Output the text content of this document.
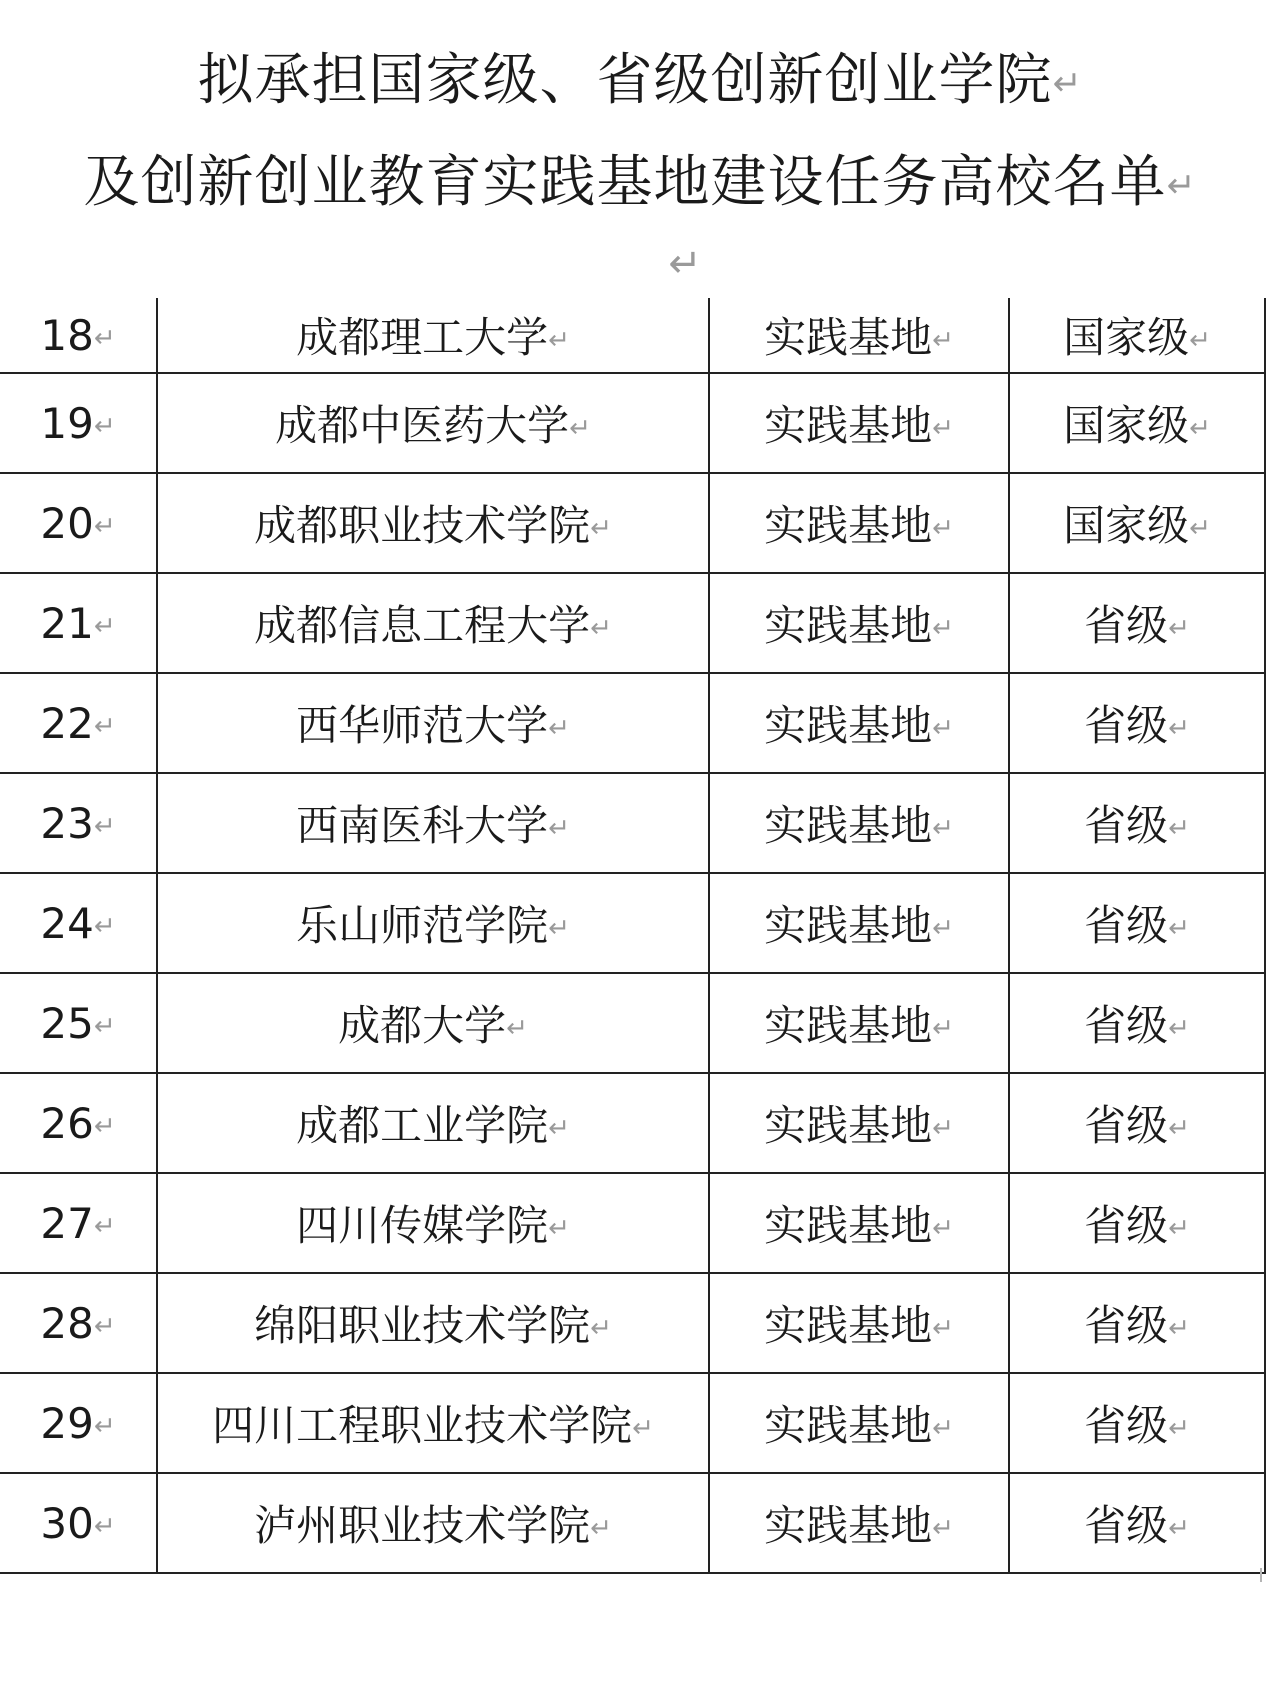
拟承担国家级、省级创新创业学院↵
及创新创业教育实践基地建设任务高校名单↵
↵
18↵	成都理工大学↵	实践基地↵	国家级↵
19↵	成都中医药大学↵	实践基地↵	国家级↵
20↵	成都职业技术学院↵	实践基地↵	国家级↵
21↵	成都信息工程大学↵	实践基地↵	省级↵
22↵	西华师范大学↵	实践基地↵	省级↵
23↵	西南医科大学↵	实践基地↵	省级↵
24↵	乐山师范学院↵	实践基地↵	省级↵
25↵	成都大学↵	实践基地↵	省级↵
26↵	成都工业学院↵	实践基地↵	省级↵
27↵	四川传媒学院↵	实践基地↵	省级↵
28↵	绵阳职业技术学院↵	实践基地↵	省级↵
29↵	四川工程职业技术学院↵	实践基地↵	省级↵
30↵	泸州职业技术学院↵	实践基地↵	省级↵
